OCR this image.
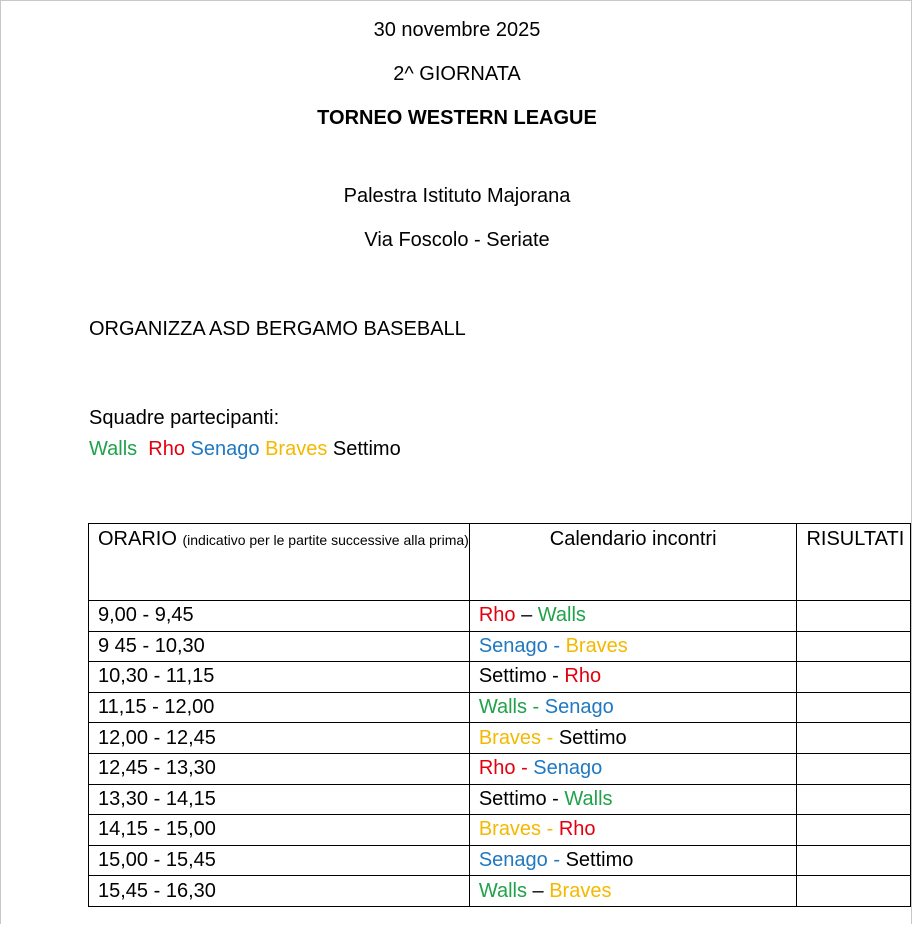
30 novembre 2025
2^ GIORNATA
TORNEO WESTERN LEAGUE
Palestra Istituto Majorana
Via Foscolo - Seriate
ORGANIZZA ASD BERGAMO BASEBALL
Squadre partecipanti:
Walls Rho Senago Braves Settimo
ORARIO (indicativo per le partite successive alla prima)	Calendario incontri	RISULTATI

9,00 - 9,45	Rho – Walls	
9 45 - 10,30	Senago - Braves	
10,30 - 11,15	Settimo - Rho	
11,15 - 12,00	Walls - Senago	
12,00 - 12,45	Braves - Settimo	
12,45 - 13,30	Rho - Senago	
13,30 - 14,15	Settimo - Walls	
14,15 - 15,00	Braves - Rho	
15,00 - 15,45	Senago - Settimo	
15,45 - 16,30	Walls – Braves	
